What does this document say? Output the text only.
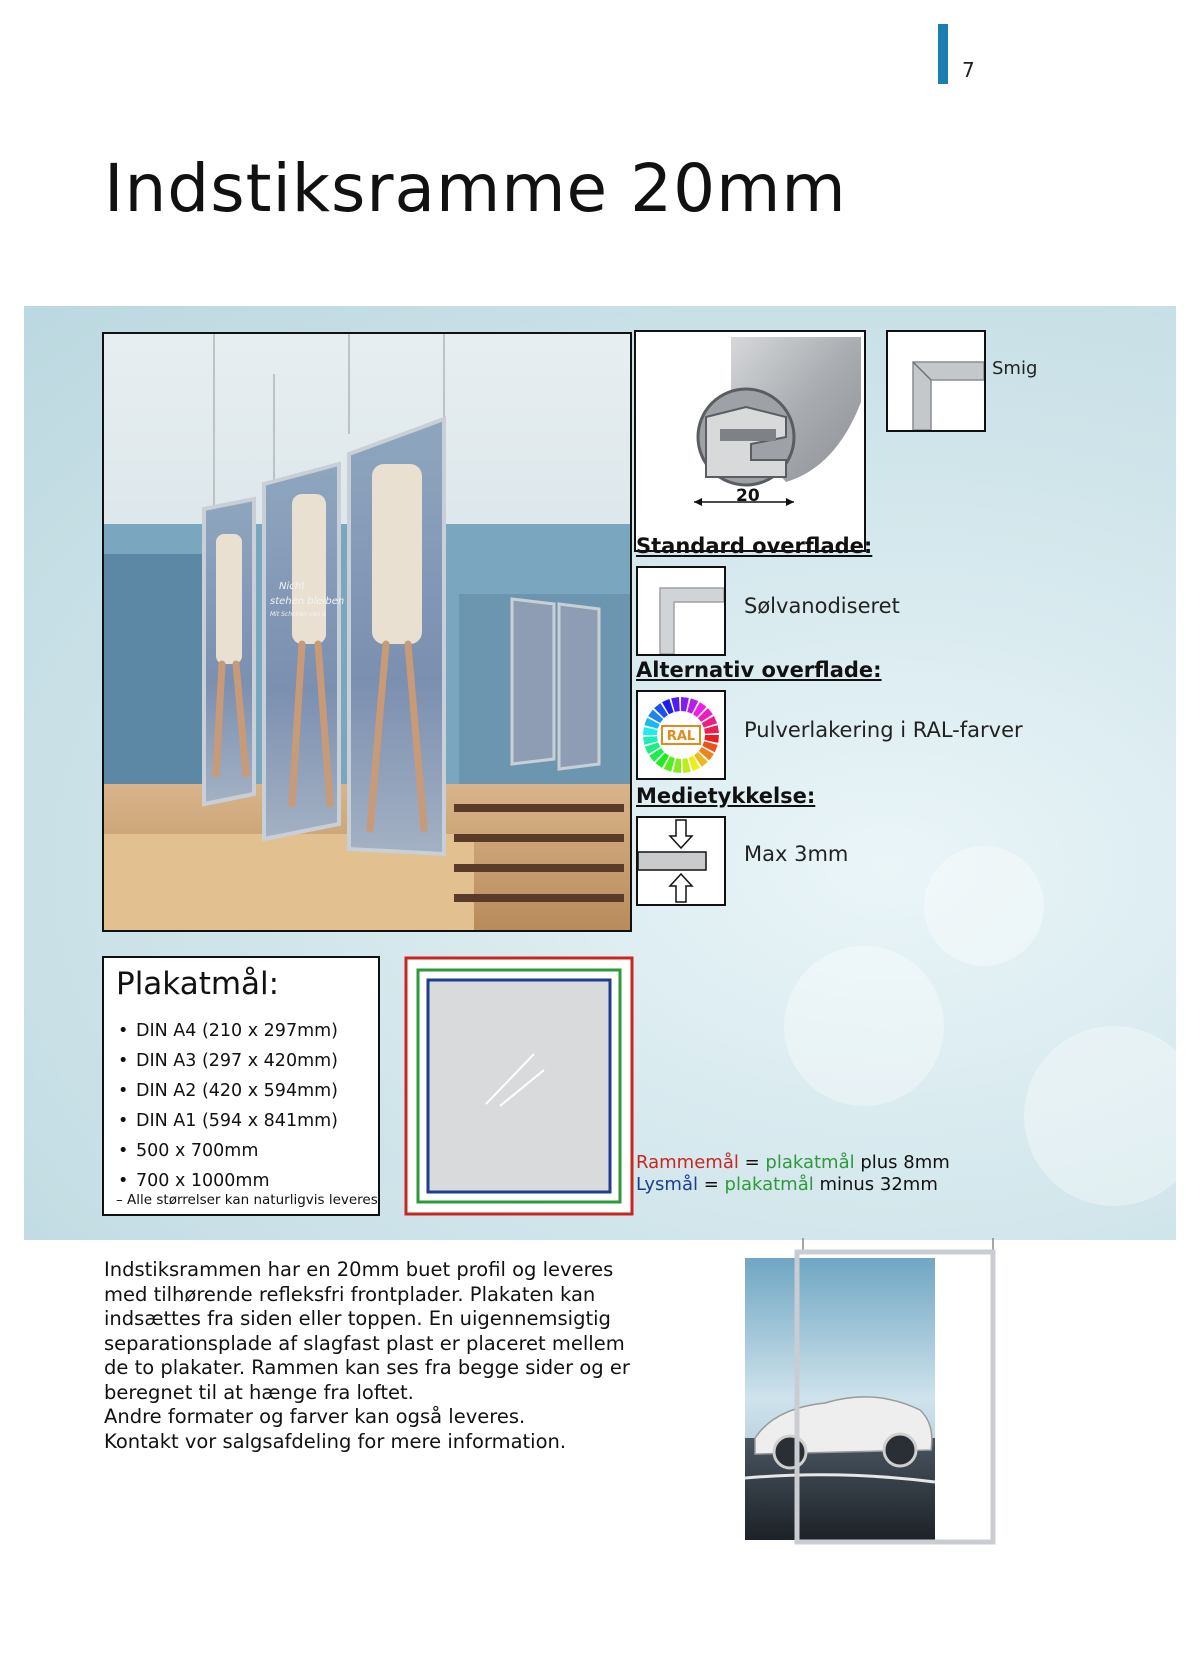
7
Indstiksramme 20mm
Nicht
stehen bleiben
Mit Schuhen von B
20
Smig
Standard overflade:
Sølvanodiseret
Alternativ overflade:
RAL Pulverlakering i RAL-farver
Medietykkelse:
Max 3mm
Plakatmål:
• DIN A4 (210 x 297mm)
• DIN A3 (297 x 420mm)
• DIN A2 (420 x 594mm)
• DIN A1 (594 x 841mm)
• 500 x 700mm
• 700 x 1000mm
– Alle størrelser kan naturligvis leveres
Rammemål = plakatmål plus 8mm
Lysmål = plakatmål minus 32mm

Indstiksrammen har en 20mm buet profil og leveres

med tilhørende refleksfri frontplader. Plakaten kan

indsættes fra siden eller toppen. En uigennemsigtig

separationsplade af slagfast plast er placeret mellem

de to plakater. Rammen kan ses fra begge sider og er

beregnet til at hænge fra loftet.

Andre formater og farver kan også leveres.

Kontakt vor salgsafdeling for mere information.
